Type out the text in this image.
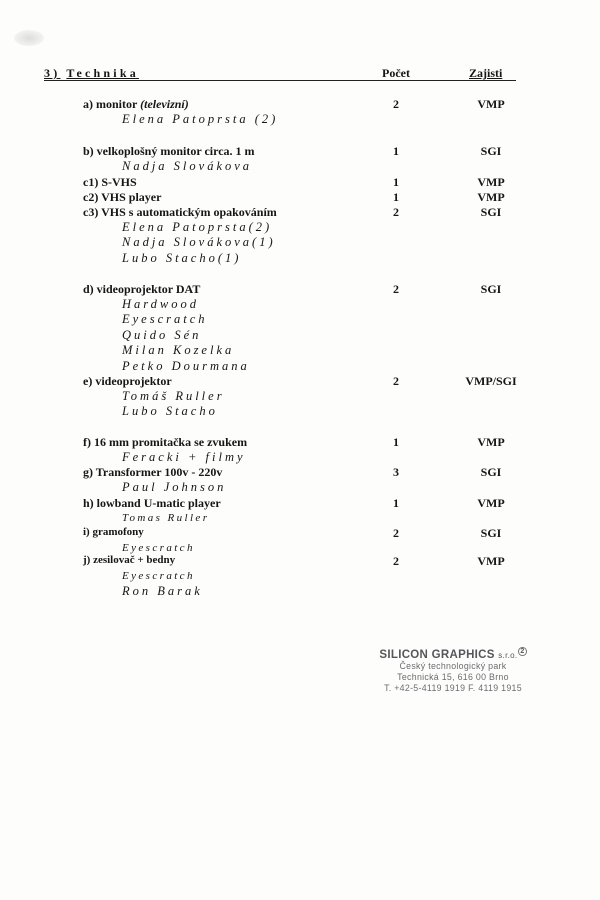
3) Technika	Počet	Zajisti
a) monitor (televizní)	2	VMP
Elena Patoprsta (2)
b) velkoplošný monitor circa. 1 m	1	SGI
Nadja Slovákova
c1) S-VHS	1	VMP
c2) VHS player	1	VMP
c3) VHS s automatickým opakováním	2	SGI
Elena Patoprsta(2)
Nadja Slovákova(1)
Lubo Stacho(1)
d) videoprojektor DAT	2	SGI
Hardwood
Eyescratch
Quido Sén
Milan Kozelka
Petko Dourmana
e) videoprojektor	2	VMP/SGI
Tomáš Ruller
Lubo Stacho
f) 16 mm promitačka se zvukem	1	VMP
Feracki + filmy
g) Transformer 100v - 220v	3	SGI
Paul Johnson
h) lowband U-matic player	1	VMP
Tomas Ruller
i) gramofony	2	SGI
Eyescratch
j) zesilovač + bedny	2	VMP
Eyescratch
Ron Barak
SILICON GRAPHICS s.r.o. $^2$
Český technologický park
Technická 15, 616 00 Brno
T. +42-5-4119 1919 F. 4119 1915
